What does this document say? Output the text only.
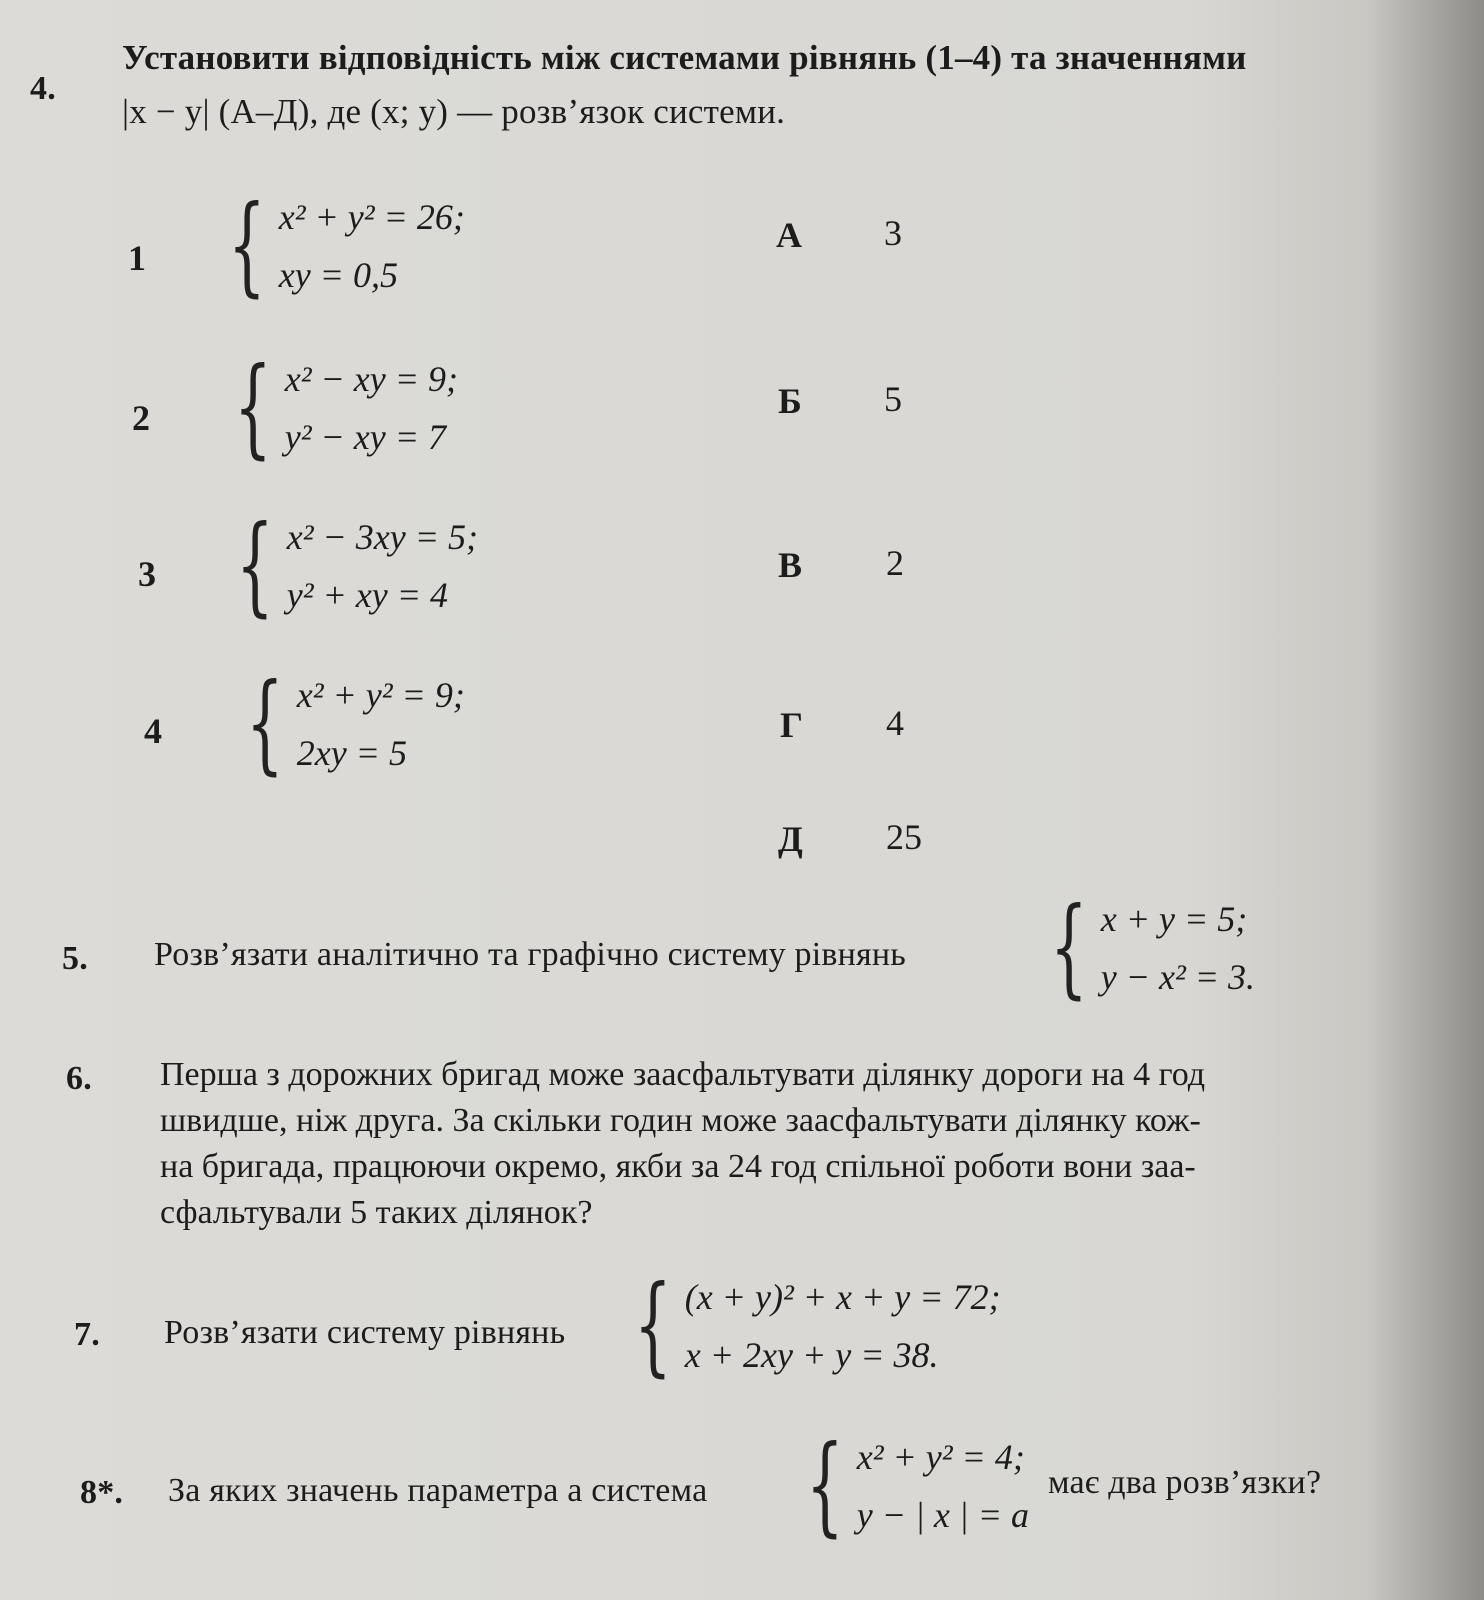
4.
Установити відповідність між системами рівнянь (1–4) та значеннями
|x − y| (А–Д), де (x; y) — розв’язок системи.
1 { x² + y² = 26;
xy = 0,5
2 { x² − xy = 9;
y² − xy = 7
3 { x² − 3xy = 5;
y² + xy = 4
4 { x² + y² = 9;
2xy = 5
А 3
Б 5
В 2
Г 4
Д 25
5. Розв’язати аналітично та графічно систему рівнянь { x + y = 5;
y − x² = 3.
6. Перша з дорожних бригад може заасфальтувати ділянку дороги на 4 год
швидше, ніж друга. За скільки годин може заасфальтувати ділянку кож-
на бригада, працюючи окремо, якби за 24 год спільної роботи вони заа-
сфальтували 5 таких ділянок?
7. Розв’язати систему рівнянь { (x + y)² + x + y = 72;
x + 2xy + y = 38.
8*. За яких значень параметра a система { x² + y² = 4;
y − | x | = a
має два розв’язки?
